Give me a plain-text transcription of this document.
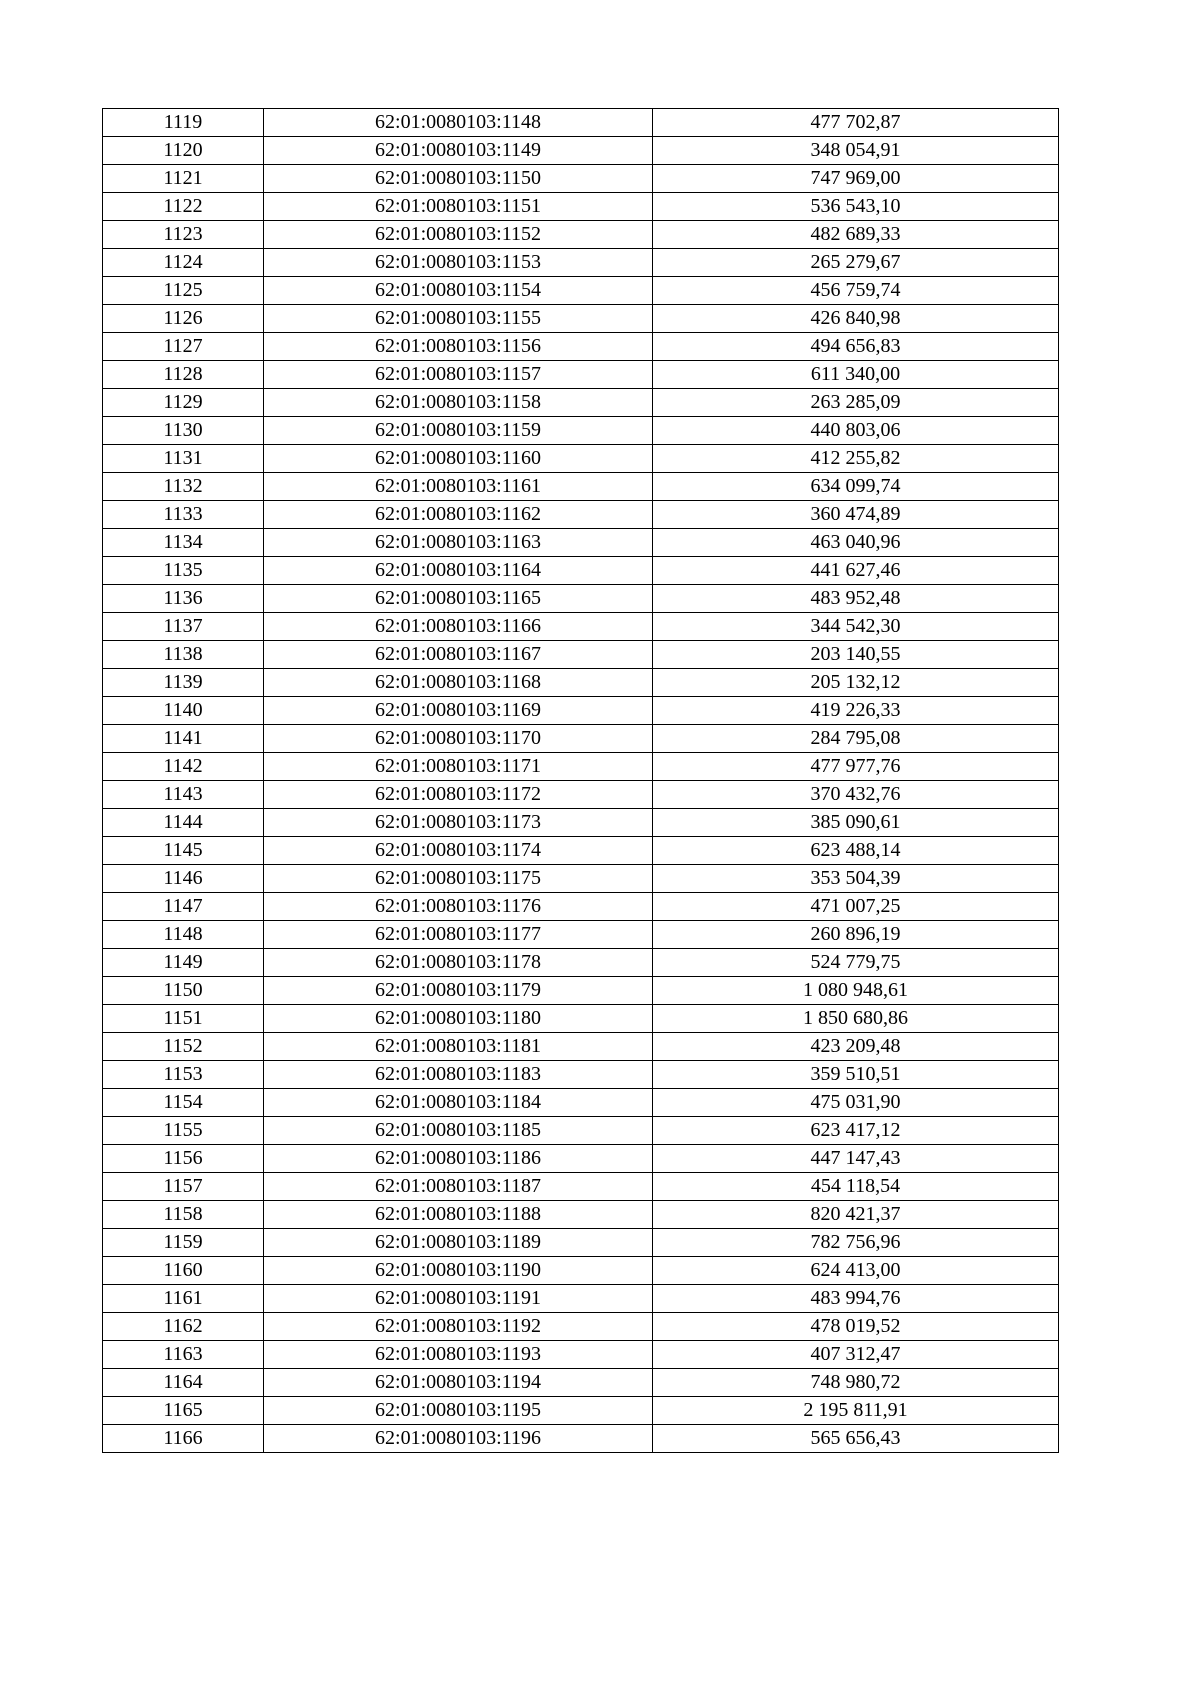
1119	62:01:0080103:1148	477 702,87
1120	62:01:0080103:1149	348 054,91
1121	62:01:0080103:1150	747 969,00
1122	62:01:0080103:1151	536 543,10
1123	62:01:0080103:1152	482 689,33
1124	62:01:0080103:1153	265 279,67
1125	62:01:0080103:1154	456 759,74
1126	62:01:0080103:1155	426 840,98
1127	62:01:0080103:1156	494 656,83
1128	62:01:0080103:1157	611 340,00
1129	62:01:0080103:1158	263 285,09
1130	62:01:0080103:1159	440 803,06
1131	62:01:0080103:1160	412 255,82
1132	62:01:0080103:1161	634 099,74
1133	62:01:0080103:1162	360 474,89
1134	62:01:0080103:1163	463 040,96
1135	62:01:0080103:1164	441 627,46
1136	62:01:0080103:1165	483 952,48
1137	62:01:0080103:1166	344 542,30
1138	62:01:0080103:1167	203 140,55
1139	62:01:0080103:1168	205 132,12
1140	62:01:0080103:1169	419 226,33
1141	62:01:0080103:1170	284 795,08
1142	62:01:0080103:1171	477 977,76
1143	62:01:0080103:1172	370 432,76
1144	62:01:0080103:1173	385 090,61
1145	62:01:0080103:1174	623 488,14
1146	62:01:0080103:1175	353 504,39
1147	62:01:0080103:1176	471 007,25
1148	62:01:0080103:1177	260 896,19
1149	62:01:0080103:1178	524 779,75
1150	62:01:0080103:1179	1 080 948,61
1151	62:01:0080103:1180	1 850 680,86
1152	62:01:0080103:1181	423 209,48
1153	62:01:0080103:1183	359 510,51
1154	62:01:0080103:1184	475 031,90
1155	62:01:0080103:1185	623 417,12
1156	62:01:0080103:1186	447 147,43
1157	62:01:0080103:1187	454 118,54
1158	62:01:0080103:1188	820 421,37
1159	62:01:0080103:1189	782 756,96
1160	62:01:0080103:1190	624 413,00
1161	62:01:0080103:1191	483 994,76
1162	62:01:0080103:1192	478 019,52
1163	62:01:0080103:1193	407 312,47
1164	62:01:0080103:1194	748 980,72
1165	62:01:0080103:1195	2 195 811,91
1166	62:01:0080103:1196	565 656,43
